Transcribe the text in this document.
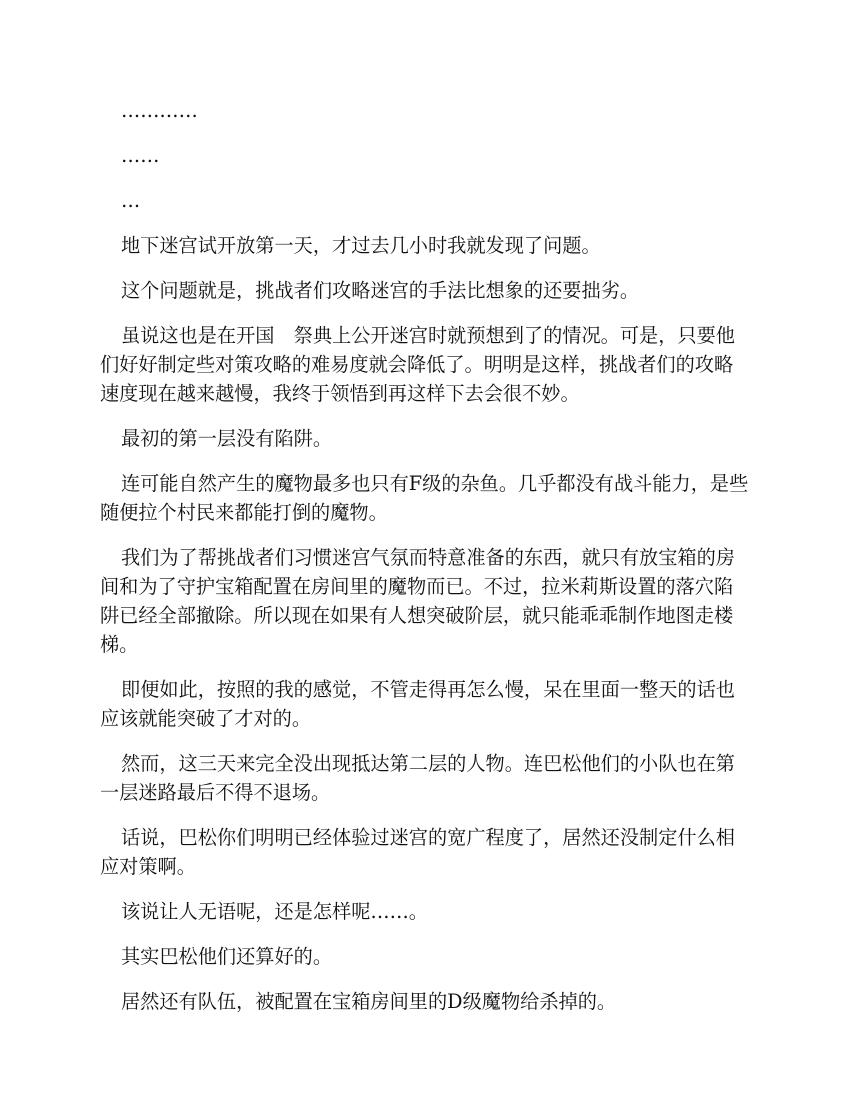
…………

……

…

地下迷宫试开放第一天，才过去几小时我就发现了问题。

这个问题就是，挑战者们攻略迷宫的手法比想象的还要拙劣。

虽说这也是在开国　祭典上公开迷宫时就预想到了的情况。可是，只要他们好好制定些对策攻略的难易度就会降低了。明明是这样，挑战者们的攻略速度现在越来越慢，我终于领悟到再这样下去会很不妙。

最初的第一层没有陷阱。

连可能自然产生的魔物最多也只有F级的杂鱼。几乎都没有战斗能力，是些随便拉个村民来都能打倒的魔物。

我们为了帮挑战者们习惯迷宫气氛而特意准备的东西，就只有放宝箱的房间和为了守护宝箱配置在房间里的魔物而已。不过，拉米莉斯设置的落穴陷阱已经全部撤除。所以现在如果有人想突破阶层，就只能乖乖制作地图走楼梯。

即便如此，按照的我的感觉，不管走得再怎么慢，呆在里面一整天的话也应该就能突破了才对的。

然而，这三天来完全没出现抵达第二层的人物。连巴松他们的小队也在第一层迷路最后不得不退场。

话说，巴松你们明明已经体验过迷宫的宽广程度了，居然还没制定什么相应对策啊。

该说让人无语呢，还是怎样呢……。

其实巴松他们还算好的。

居然还有队伍，被配置在宝箱房间里的D级魔物给杀掉的。
